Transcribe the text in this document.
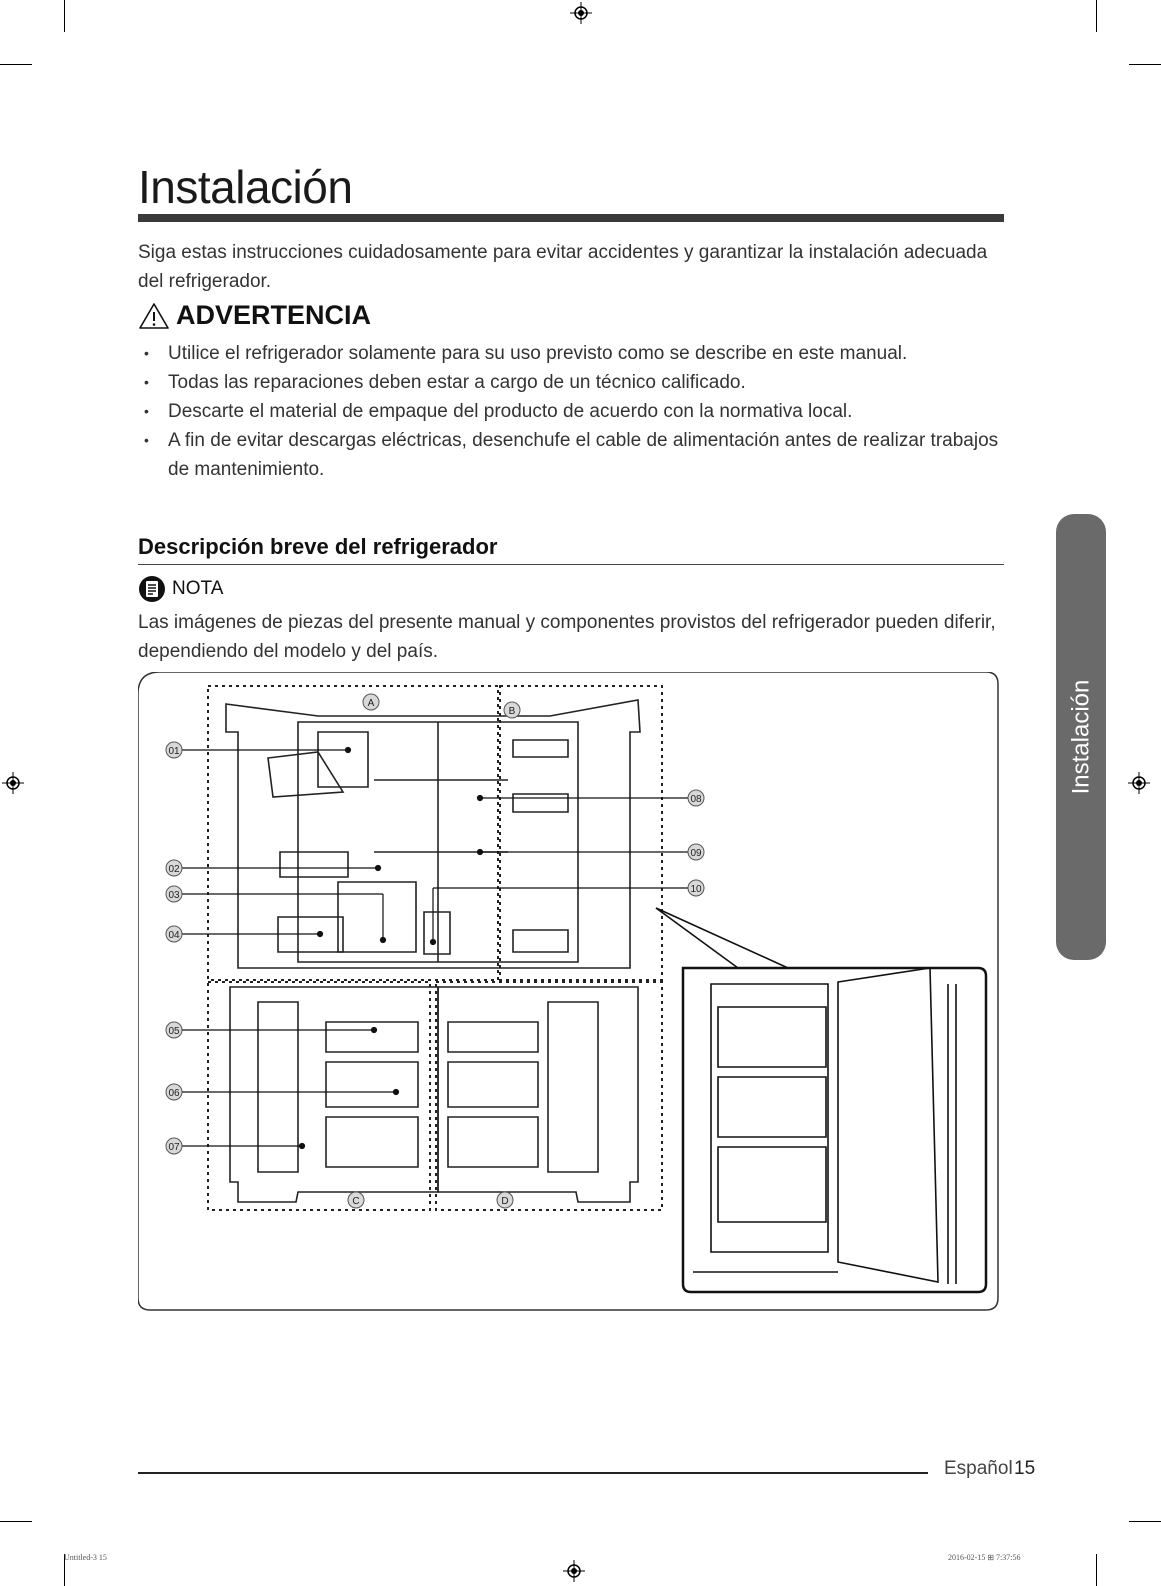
Instalación

Siga estas instrucciones cuidadosamente para evitar accidentes y garantizar la instalación adecuada del refrigerador.

ADVERTENCIA
• Utilice el refrigerador solamente para su uso previsto como se describe en este manual.
• Todas las reparaciones deben estar a cargo de un técnico calificado.
• Descarte el material de empaque del producto de acuerdo con la normativa local.
• A fin de evitar descargas eléctricas, desenchufe el cable de alimentación antes de realizar trabajos de mantenimiento.
Descripción breve del refrigerador
NOTA

Las imágenes de piezas del presente manual y componentes provistos del refrigerador pueden diferir, dependiendo del modelo y del país.

A
B
C	D
01
02
03
04
05
06
07
08
09
10
Instalación
Español 15
Untitled-3 15	2016-02-15 ⊞ 7:37:56
